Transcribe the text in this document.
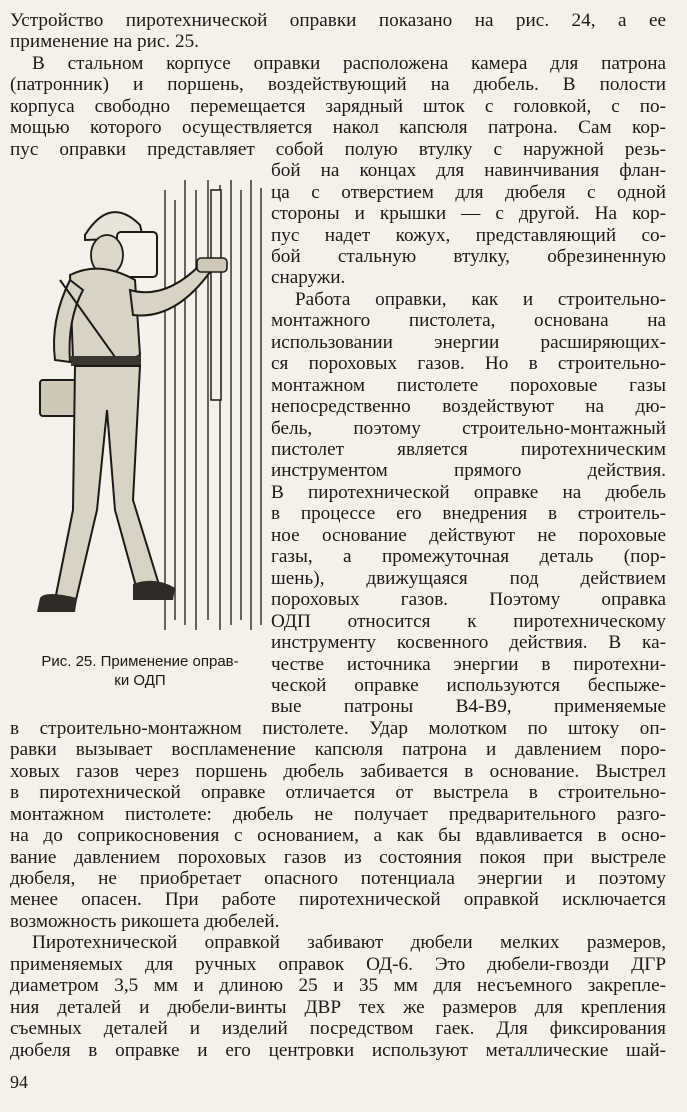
Устройство пиротехнической оправки показано на рис. 24, а ее
применение на рис. 25.
В стальном корпусе оправки расположена камера для патрона
(патронник) и поршень, воздействующий на дюбель. В полости
корпуса свободно перемещается зарядный шток с головкой, с по-
мощью которого осуществляется накол капсюля патрона. Сам кор-
пус оправки представляет собой полую втулку с наружной резь-
бой на концах для навинчивания флан-
ца с отверстием для дюбеля с одной
стороны и крышки — с другой. На кор-
пус надет кожух, представляющий со-
бой стальную втулку, обрезиненную
снаружи.
Работа оправки, как и строительно-
монтажного пистолета, основана на
использовании энергии расширяющих-
ся пороховых газов. Но в строительно-
монтажном пистолете пороховые газы
непосредственно воздействуют на дю-
бель, поэтому строительно-монтажный
пистолет является пиротехническим
инструментом прямого действия.
В пиротехнической оправке на дюбель
в процессе его внедрения в строитель-
ное основание действуют не пороховые
газы, а промежуточная деталь (пор-
шень), движущаяся под действием
пороховых газов. Поэтому оправка
ОДП относится к пиротехническому
инструменту косвенного действия. В ка-
честве источника энергии в пиротехни-
ческой оправке используются беспыже-
вые патроны В4-В9, применяемые
в строительно-монтажном пистолете. Удар молотком по штоку оп-
равки вызывает воспламенение капсюля патрона и давлением поро-
ховых газов через поршень дюбель забивается в основание. Выстрел
в пиротехнической оправке отличается от выстрела в строительно-
монтажном пистолете: дюбель не получает предварительного разго-
на до соприкосновения с основанием, а как бы вдавливается в осно-
вание давлением пороховых газов из состояния покоя при выстреле
дюбеля, не приобретает опасного потенциала энергии и поэтому
менее опасен. При работе пиротехнической оправкой исключается
возможность рикошета дюбелей.
Пиротехнической оправкой забивают дюбели мелких размеров,
применяемых для ручных оправок ОД-6. Это дюбели-гвозди ДГР
диаметром 3,5 мм и длиною 25 и 35 мм для несъемного закрепле-
ния деталей и дюбели-винты ДВР тех же размеров для крепления
съемных деталей и изделий посредством гаек. Для фиксирования
дюбеля в оправке и его центровки используют металлические шай-
Рис. 25. Применение оправ-
ки ОДП
94
